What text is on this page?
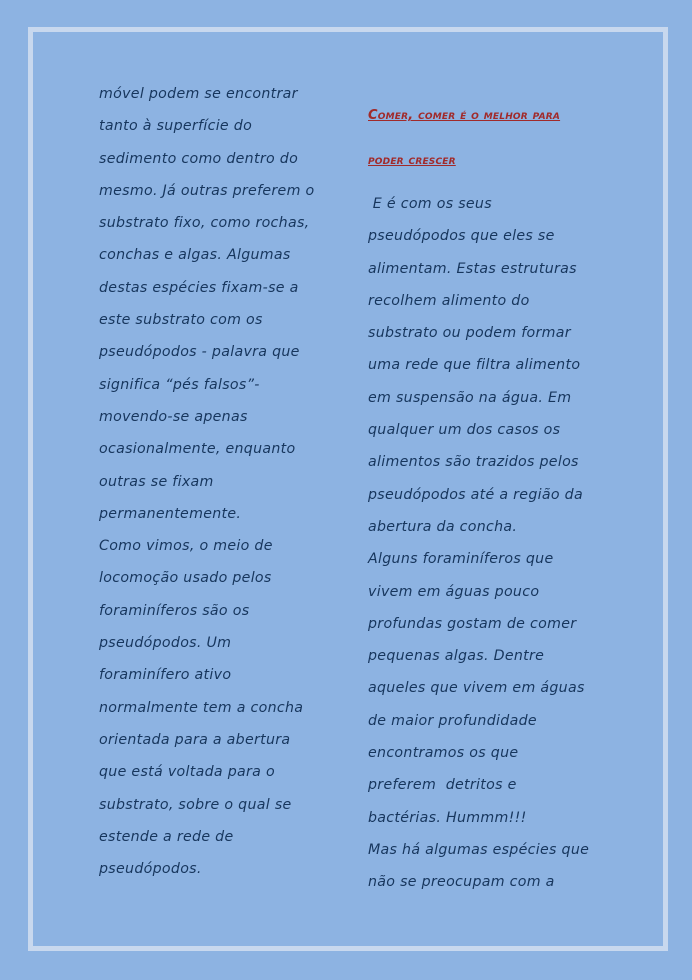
móvel podem se encontrar
tanto à superfície do
sedimento como dentro do
mesmo. Já outras preferem o
substrato fixo, como rochas,
conchas e algas. Algumas
destas espécies fixam-se a
este substrato com os
pseudópodos - palavra que
significa “pés falsos”-
movendo-se apenas
ocasionalmente, enquanto
outras se fixam
permanentemente.
Como vimos, o meio de
locomoção usado pelos
foraminíferos são os
pseudópodos. Um
foraminífero ativo
normalmente tem a concha
orientada para a abertura
que está voltada para o
substrato, sobre o qual se
estende a rede de
pseudópodos.
Comer, comer é o melhor para
poder crescer
E é com os seus
pseudópodos que eles se
alimentam. Estas estruturas
recolhem alimento do
substrato ou podem formar
uma rede que filtra alimento
em suspensão na água. Em
qualquer um dos casos os
alimentos são trazidos pelos
pseudópodos até a região da
abertura da concha.
Alguns foraminíferos que
vivem em águas pouco
profundas gostam de comer
pequenas algas. Dentre
aqueles que vivem em águas
de maior profundidade
encontramos os que
preferem  detritos e
bactérias. Hummm!!!
Mas há algumas espécies que
não se preocupam com a
